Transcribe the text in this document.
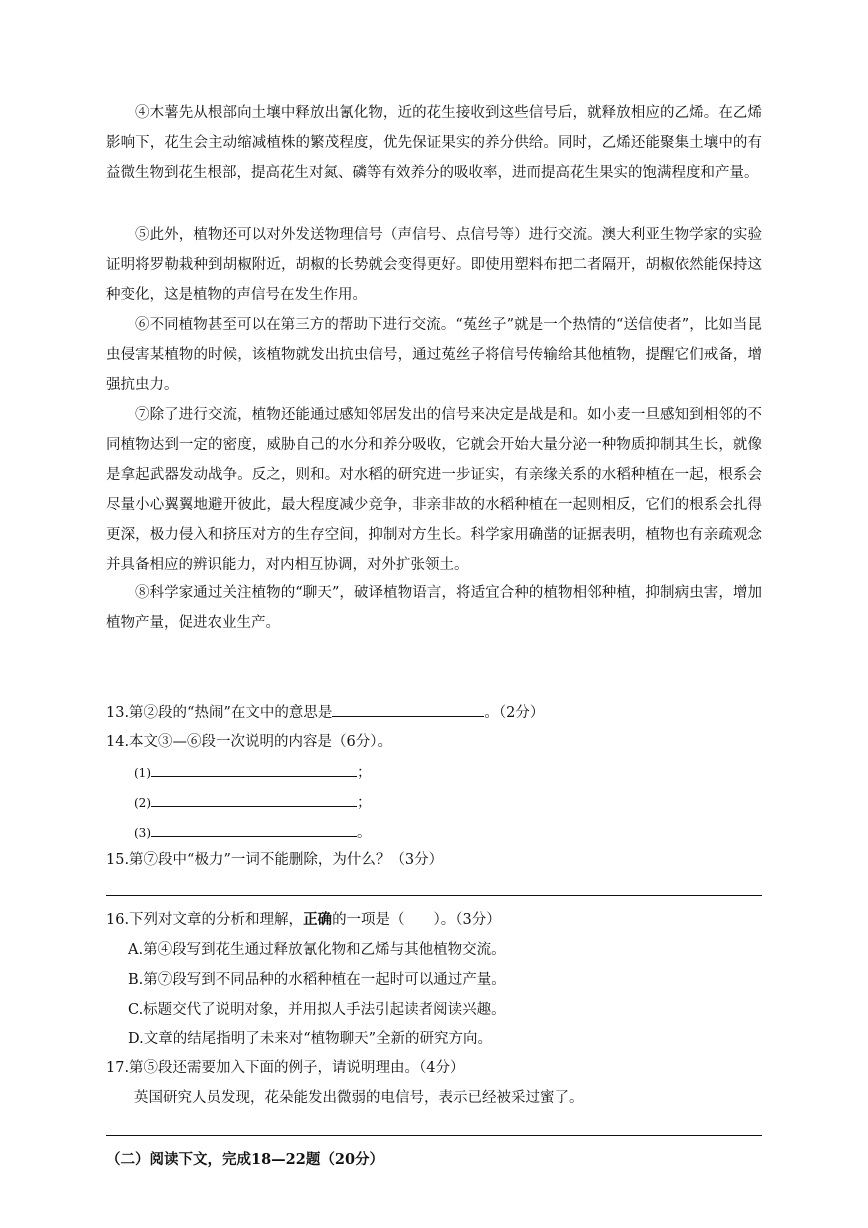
④木薯先从根部向土壤中释放出氰化物，近的花生接收到这些信号后，就释放相应的乙烯。在乙烯影响下，花生会主动缩减植株的繁茂程度，优先保证果实的养分供给。同时，乙烯还能聚集土壤中的有益微生物到花生根部，提高花生对氮、磷等有效养分的吸收率，进而提高花生果实的饱满程度和产量。

⑤此外，植物还可以对外发送物理信号（声信号、点信号等）进行交流。澳大利亚生物学家的实验证明将罗勒栽种到胡椒附近，胡椒的长势就会变得更好。即使用塑料布把二者隔开，胡椒依然能保持这种变化，这是植物的声信号在发生作用。

⑥不同植物甚至可以在第三方的帮助下进行交流。“菟丝子”就是一个热情的“送信使者”，比如当昆虫侵害某植物的时候，该植物就发出抗虫信号，通过菟丝子将信号传输给其他植物，提醒它们戒备，增强抗虫力。

⑦除了进行交流，植物还能通过感知邻居发出的信号来决定是战是和。如小麦一旦感知到相邻的不同植物达到一定的密度，威胁自己的水分和养分吸收，它就会开始大量分泌一种物质抑制其生长，就像是拿起武器发动战争。反之，则和。对水稻的研究进一步证实，有亲缘关系的水稻种植在一起，根系会尽量小心翼翼地避开彼此，最大程度减少竞争，非亲非故的水稻种植在一起则相反，它们的根系会扎得更深，极力侵入和挤压对方的生存空间，抑制对方生长。科学家用确凿的证据表明，植物也有亲疏观念并具备相应的辨识能力，对内相互协调，对外扩张领土。

⑧科学家通过关注植物的“聊天”，破译植物语言，将适宜合种的植物相邻种植，抑制病虫害，增加植物产量，促进农业生产。

13.第②段的“热闹”在文中的意思是	。（2分）
14.本文③—⑥段一次说明的内容是（6分）。
(1)	；
(2)	；
(3)	。
15.第⑦段中“极力”一词不能删除，为什么？（3分）
16.下列对文章的分析和理解，正确的一项是（　　）。（3分）
A.第④段写到花生通过释放氰化物和乙烯与其他植物交流。
B.第⑦段写到不同品种的水稻种植在一起时可以通过产量。
C.标题交代了说明对象，并用拟人手法引起读者阅读兴趣。
D.文章的结尾指明了未来对“植物聊天”全新的研究方向。
17.第⑤段还需要加入下面的例子，请说明理由。（4分）
英国研究人员发现，花朵能发出微弱的电信号，表示已经被采过蜜了。
（二）阅读下文，完成18—22题（20分）
